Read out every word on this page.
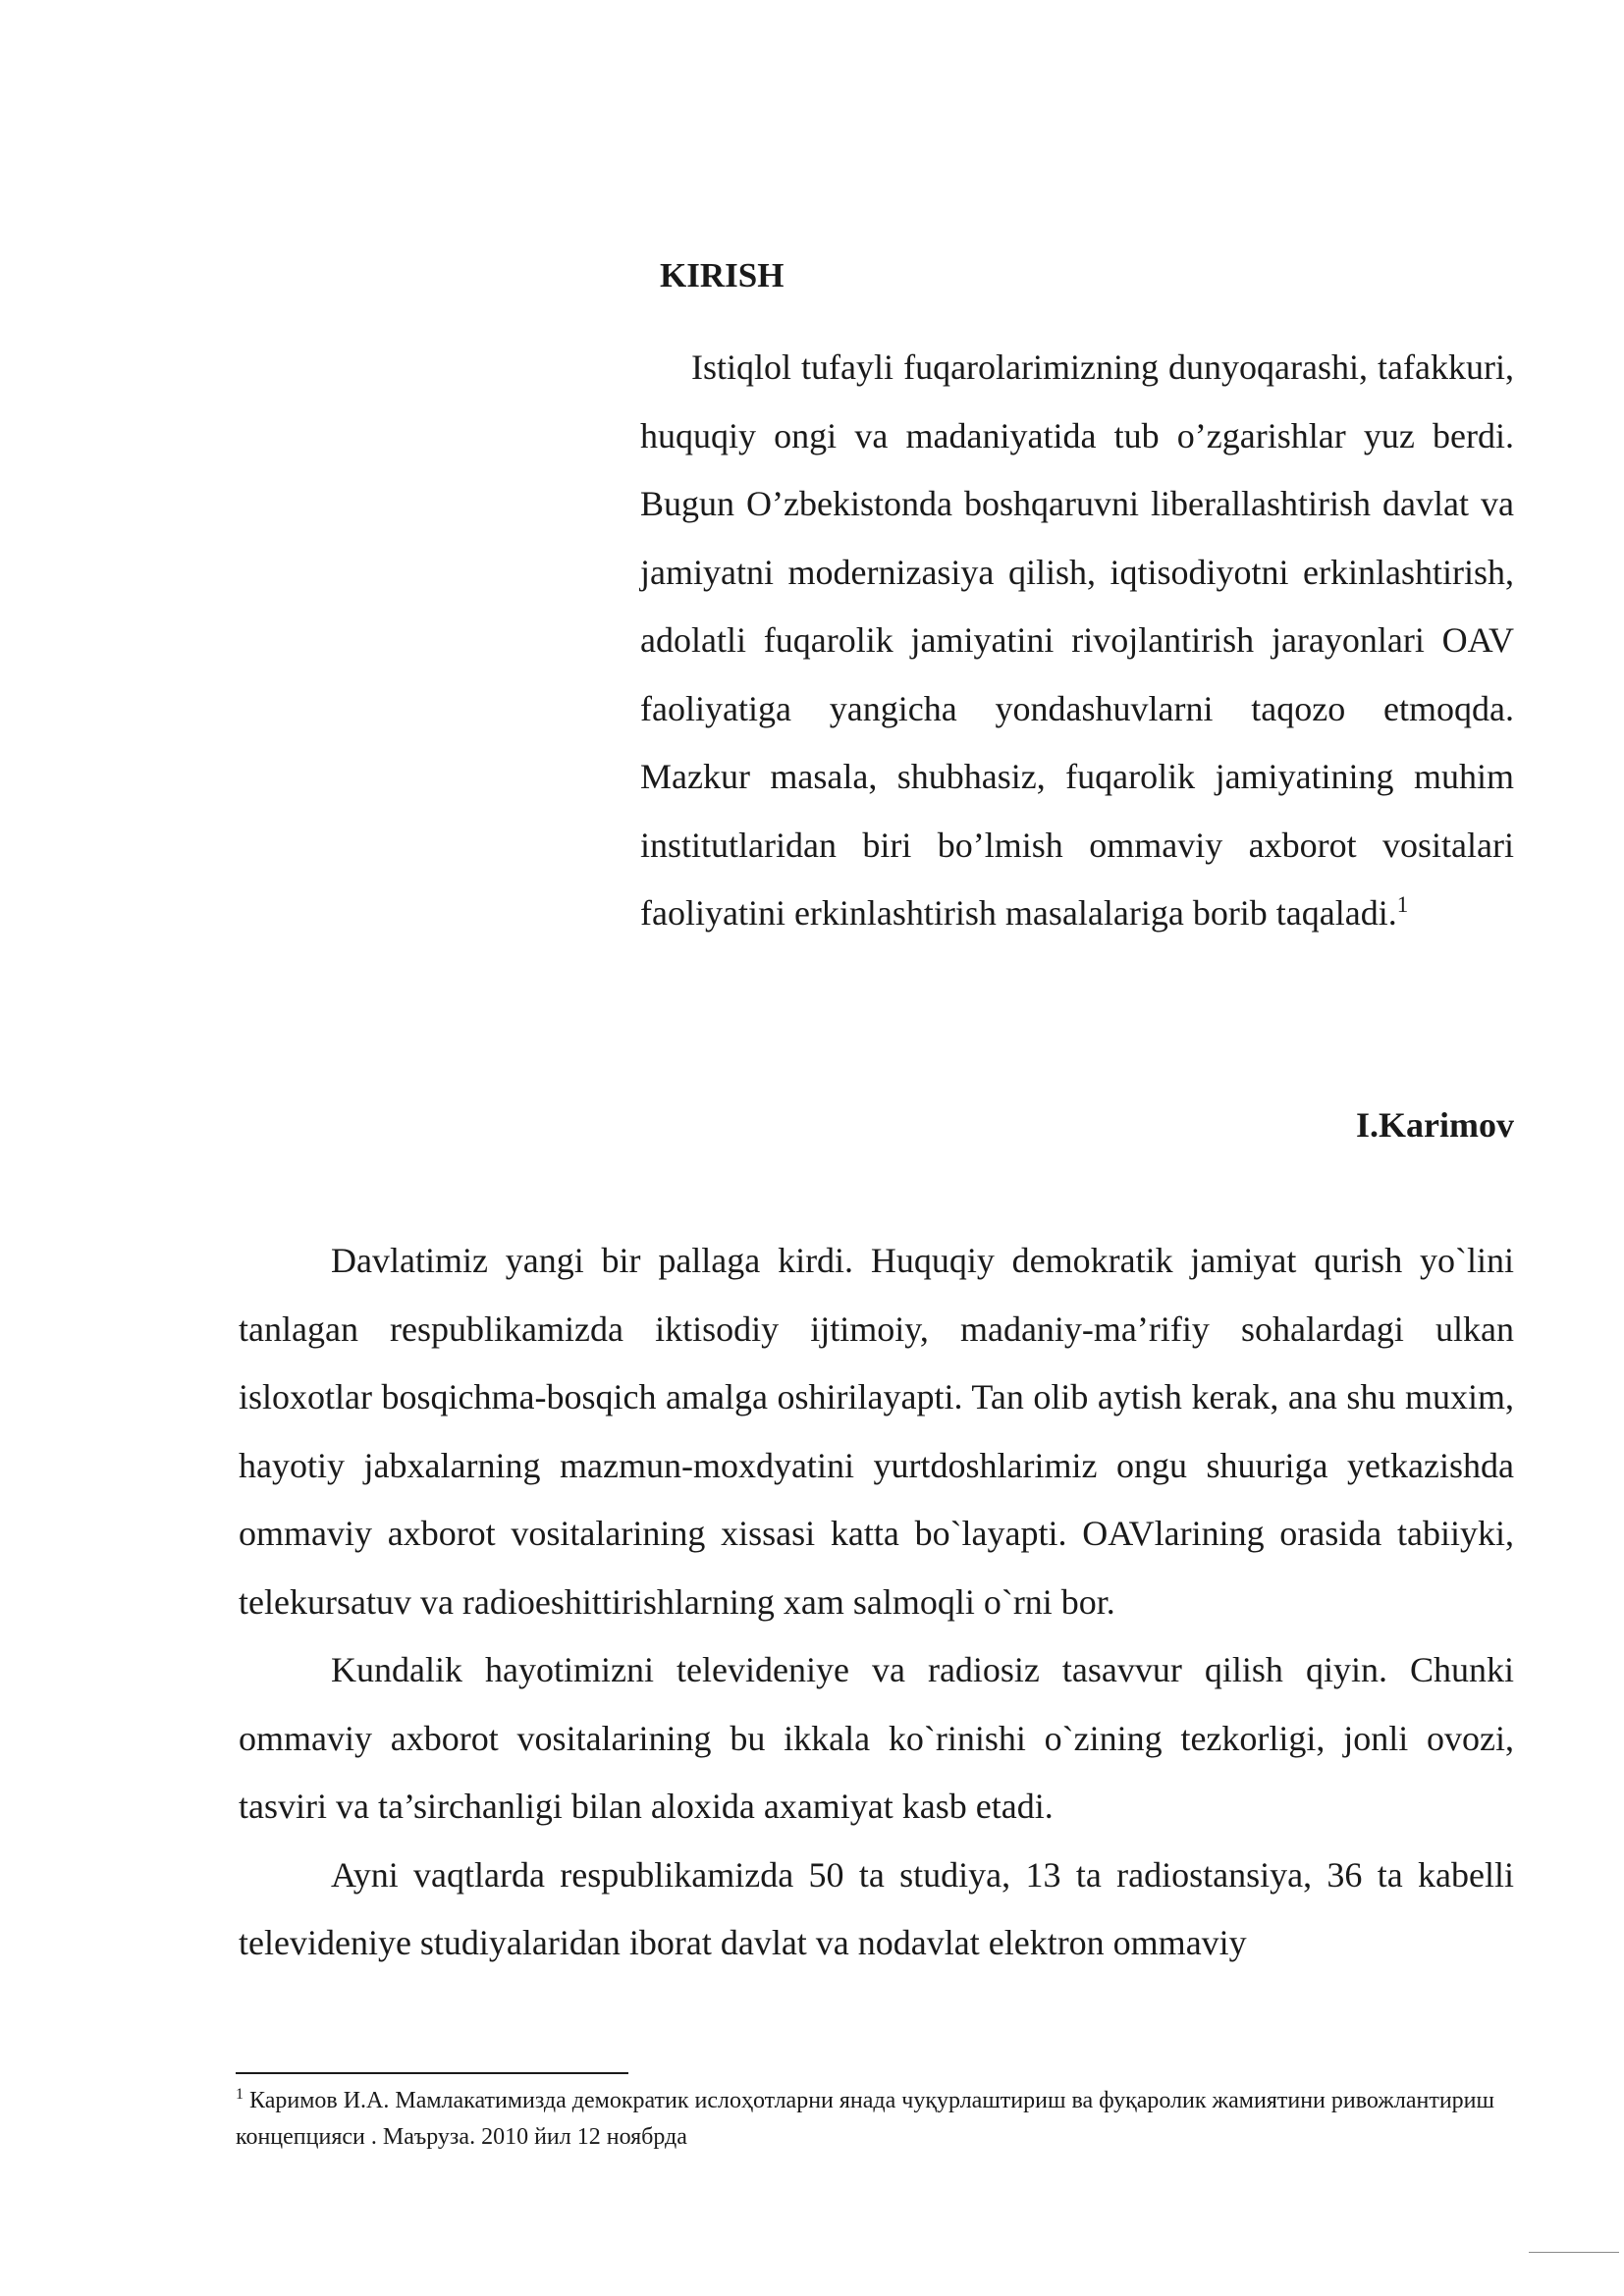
KIRISH

Istiqlol tufayli fuqarolarimizning dunyoqarashi, tafakkuri, huquqiy ongi va madaniyatida tub o’zgarishlar yuz berdi. Bugun O’zbekistonda boshqaruvni liberallashtirish davlat va jamiyatni modernizasiya qilish, iqtisodiyotni erkinlashtirish, adolatli fuqarolik jamiyatini rivojlantirish jarayonlari OAV faoliyatiga yangicha yondashuvlarni taqozo etmoqda. Mazkur masala, shubhasiz, fuqarolik jamiyatining muhim institutlaridan biri bo’lmish ommaviy axborot vositalari faoliyatini erkinlashtirish masalalariga borib taqaladi.$^1$

I.Karimov

Davlatimiz yangi bir pallaga kirdi. Huquqiy demokratik jamiyat qurish yo`lini tanlagan respublikamizda iktisodiy ijtimoiy, madaniy-ma’rifiy sohalardagi ulkan isloxotlar bosqichma-bosqich amalga oshirilayapti. Tan olib aytish kerak, ana shu muxim, hayotiy jabxalarning mazmun-moxdyatini yurtdoshlarimiz ongu shuuriga yetkazishda ommaviy axborot vositalarining xissasi katta bo`layapti. OAVlarining orasida tabiiyki, telekursatuv va radioeshittirishlarning xam salmoqli o`rni bor.

Kundalik hayotimizni televideniye va radiosiz tasavvur qilish qiyin. Chunki ommaviy axborot vositalarining bu ikkala ko`rinishi o`zining tezkorligi, jonli ovozi, tasviri va ta’sirchanligi bilan aloxida axamiyat kasb etadi.

Ayni vaqtlarda respublikamizda 50 ta studiya, 13 ta radiostansiya, 36 ta kabelli televideniye studiyalaridan iborat davlat va nodavlat elektron ommaviy

$^1$ Каримов И.А. Мамлакатимизда демократик ислоҳотларни янада чуқурлаштириш ва фуқаролик жамиятини ривожлантириш концепцияси . Маъруза. 2010 йил 12 ноябрда
